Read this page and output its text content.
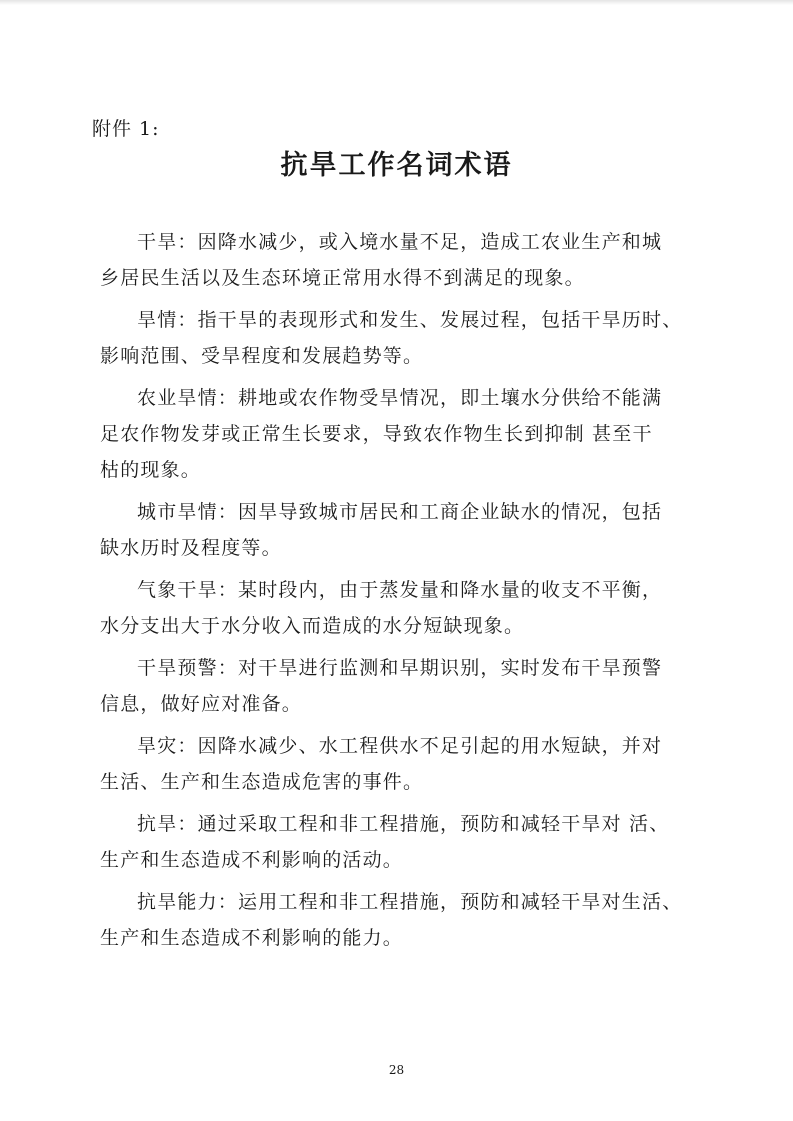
附件 1:
抗旱工作名词术语
干旱：因降水减少，或入境水量不足，造成工农业生产和城
乡居民生活以及生态环境正常用水得不到满足的现象。
旱情：指干旱的表现形式和发生、发展过程，包括干旱历时、
影响范围、受旱程度和发展趋势等。
农业旱情：耕地或农作物受旱情况，即土壤水分供给不能满
足农作物发芽或正常生长要求，导致农作物生长到抑制 甚至干
枯的现象。
城市旱情：因旱导致城市居民和工商企业缺水的情况，包括
缺水历时及程度等。
气象干旱：某时段内，由于蒸发量和降水量的收支不平衡，
水分支出大于水分收入而造成的水分短缺现象。
干旱预警：对干旱进行监测和早期识别，实时发布干旱预警
信息，做好应对准备。
旱灾：因降水减少、水工程供水不足引起的用水短缺，并对
生活、生产和生态造成危害的事件。
抗旱：通过采取工程和非工程措施，预防和减轻干旱对 活、
生产和生态造成不利影响的活动。
抗旱能力：运用工程和非工程措施，预防和减轻干旱对生活、
生产和生态造成不利影响的能力。
28
